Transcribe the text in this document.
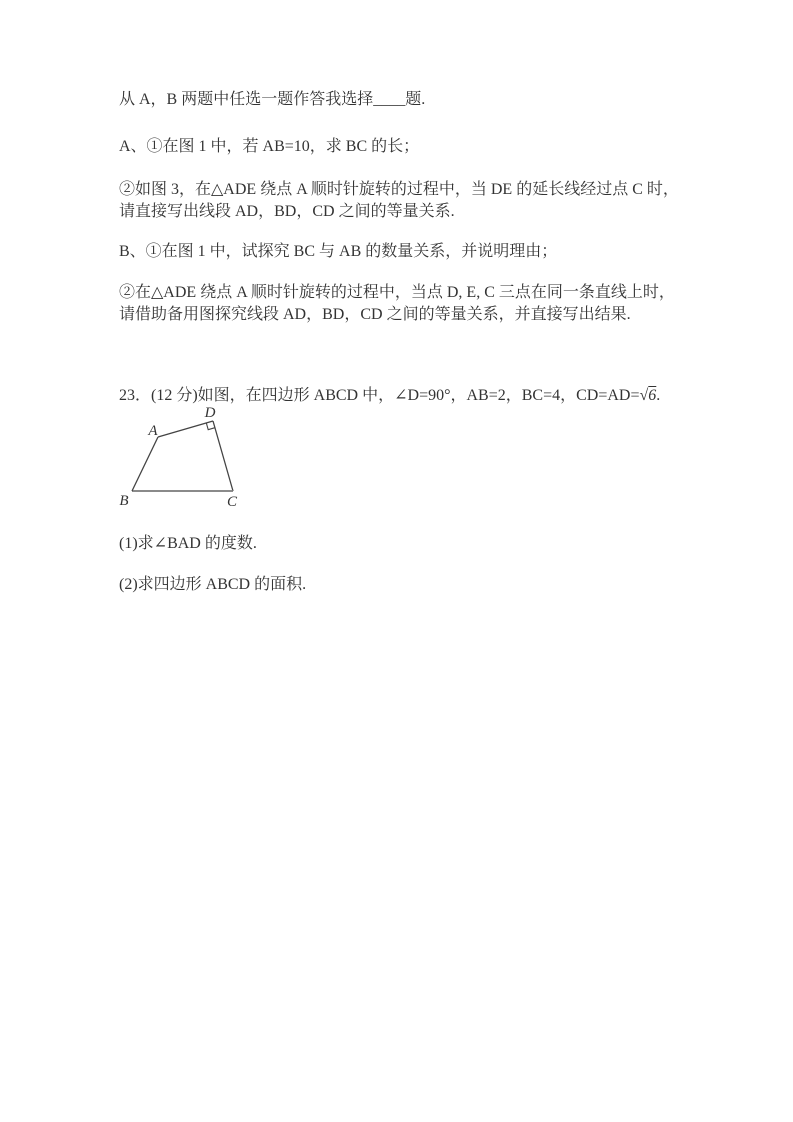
从 A，B 两题中任选一题作答我选择____题.

A、①在图 1 中，若 AB=10，求 BC 的长；

②如图 3，在△ADE 绕点 A 顺时针旋转的过程中，当 DE 的延长线经过点 C 时，

请直接写出线段 AD，BD，CD 之间的等量关系.

B、①在图 1 中，试探究 BC 与 AB 的数量关系，并说明理由；

②在△ADE 绕点 A 顺时针旋转的过程中，当点 D, E, C 三点在同一条直线上时，

请借助备用图探究线段 AD，BD，CD 之间的等量关系，并直接写出结果.

23．(12 分)如图，在四边形 ABCD 中，∠D=90°，AB=2，BC=4，CD=AD=√6.

A
D
B	C

(1)求∠BAD 的度数.

(2)求四边形 ABCD 的面积.
